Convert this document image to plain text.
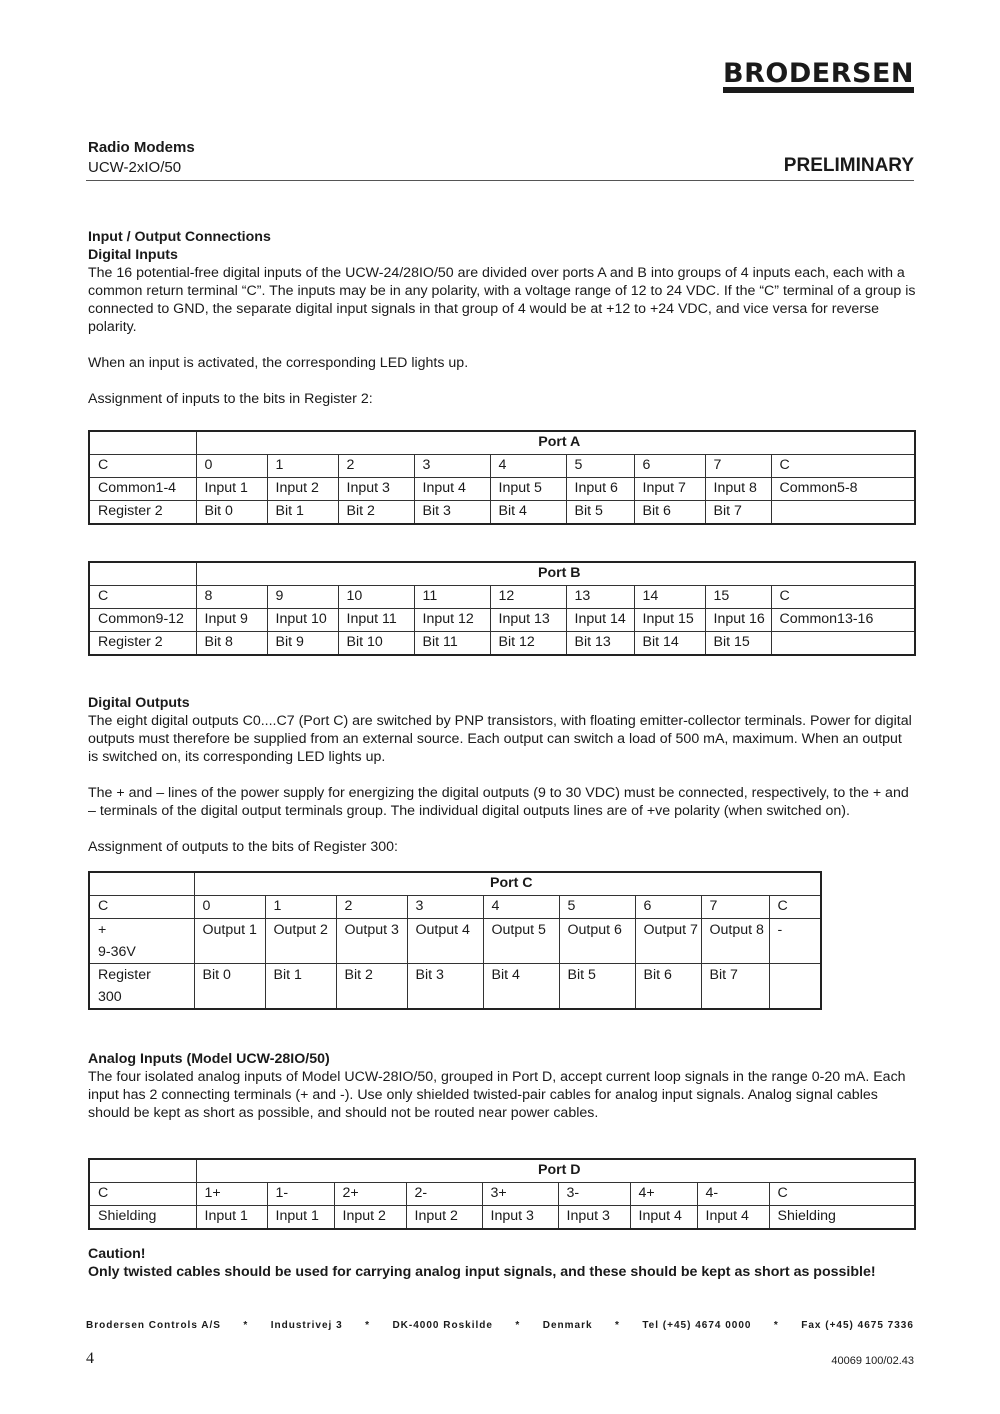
BRODERSEN
Radio Modems
UCW-2xIO/50	PRELIMINARY

Input / Output Connections

Digital Inputs

The 16 potential-free digital inputs of the UCW-24/28IO/50 are divided over ports A and B into groups of 4 inputs each, each with a common return terminal “C”. The inputs may be in any polarity, with a voltage range of 12 to 24 VDC. If the “C” terminal of a group is connected to GND, the separate digital input signals in that group of 4 would be at +12 to +24 VDC, and vice versa for reverse polarity.

When an input is activated, the corresponding LED lights up.

Assignment of inputs to the bits in Register 2:

	Port A								
C	0	1	2	3	4	5	6	7	C
Common1-4	Input 1	Input 2	Input 3	Input 4	Input 5	Input 6	Input 7	Input 8	Common5-8
Register 2	Bit 0	Bit 1	Bit 2	Bit 3	Bit 4	Bit 5	Bit 6	Bit 7	
	Port B								
C	8	9	10	11	12	13	14	15	C
Common9-12	Input 9	Input 10	Input 11	Input 12	Input 13	Input 14	Input 15	Input 16	Common13-16
Register 2	Bit 8	Bit 9	Bit 10	Bit 11	Bit 12	Bit 13	Bit 14	Bit 15	

Digital Outputs

The eight digital outputs C0....C7 (Port C) are switched by PNP transistors, with floating emitter-collector terminals. Power for digital outputs must therefore be supplied from an external source. Each output can switch a load of 500 mA, maximum. When an output is switched on, its corresponding LED lights up.

The + and – lines of the power supply for energizing the digital outputs (9 to 30 VDC) must be connected, respectively, to the + and – terminals of the digital output terminals group. The individual digital outputs lines are of +ve polarity (when switched on).

Assignment of outputs to the bits of Register 300:

	Port C								
C	0	1	2	3	4	5	6	7	C
+
9-36V	Output 1	Output 2	Output 3	Output 4	Output 5	Output 6	Output 7	Output 8	-
Register
300	Bit 0	Bit 1	Bit 2	Bit 3	Bit 4	Bit 5	Bit 6	Bit 7	

Analog Inputs (Model UCW-28IO/50)

The four isolated analog inputs of Model UCW-28IO/50, grouped in Port D, accept current loop signals in the range 0-20 mA. Each input has 2 connecting terminals (+ and -). Use only shielded twisted-pair cables for analog input signals. Analog signal cables should be kept as short as possible, and should not be routed near power cables.

	Port D								
C	1+	1-	2+	2-	3+	3-	4+	4-	C
Shielding	Input 1	Input 1	Input 2	Input 2	Input 3	Input 3	Input 4	Input 4	Shielding

Caution!

Only twisted cables should be used for carrying analog input signals, and these should be kept as short as possible!

Brodersen Controls A/S * Industrivej 3 * DK-4000 Roskilde * Denmark * Tel (+45) 4674 0000 * Fax (+45) 4675 7336
4	40069 100/02.43
